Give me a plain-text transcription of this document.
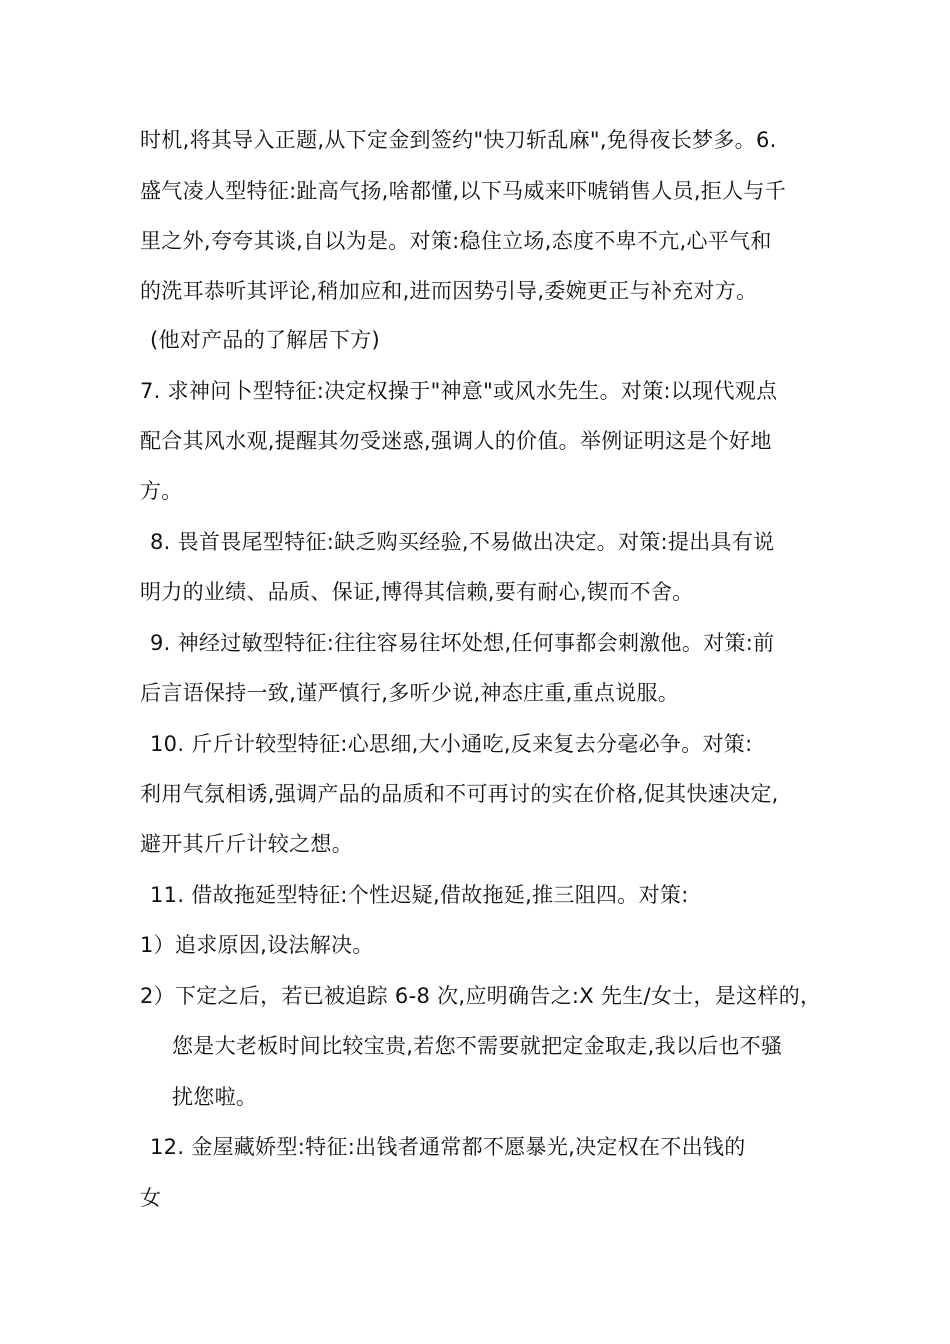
时机,将其导入正题,从下定金到签约"快刀斩乱麻",免得夜长梦多。6.
盛气凌人型特征:趾高气扬,啥都懂,以下马威来吓唬销售人员,拒人与千
里之外,夸夸其谈,自以为是。对策:稳住立场,态度不卑不亢,心平气和
的洗耳恭听其评论,稍加应和,进而因势引导,委婉更正与补充对方。
(他对产品的了解居下方)
7. 求神问卜型特征:决定权操于"神意"或风水先生。对策:以现代观点
配合其风水观,提醒其勿受迷惑,强调人的价值。举例证明这是个好地
方。
8. 畏首畏尾型特征:缺乏购买经验,不易做出决定。对策:提出具有说
明力的业绩、品质、保证,博得其信赖,要有耐心,锲而不舍。
9. 神经过敏型特征:往往容易往坏处想,任何事都会刺激他。对策:前
后言语保持一致,谨严慎行,多听少说,神态庄重,重点说服。
10. 斤斤计较型特征:心思细,大小通吃,反来复去分毫必争。对策:
利用气氛相诱,强调产品的品质和不可再讨的实在价格,促其快速决定,
避开其斤斤计较之想。
11. 借故拖延型特征:个性迟疑,借故拖延,推三阻四。对策:
1）追求原因,设法解决。
2）下定之后，若已被追踪 6-8 次,应明确告之:X 先生/女士，是这样的，
您是大老板时间比较宝贵,若您不需要就把定金取走,我以后也不骚
扰您啦。
12. 金屋藏娇型:特征:出钱者通常都不愿暴光,决定权在不出钱的
女
